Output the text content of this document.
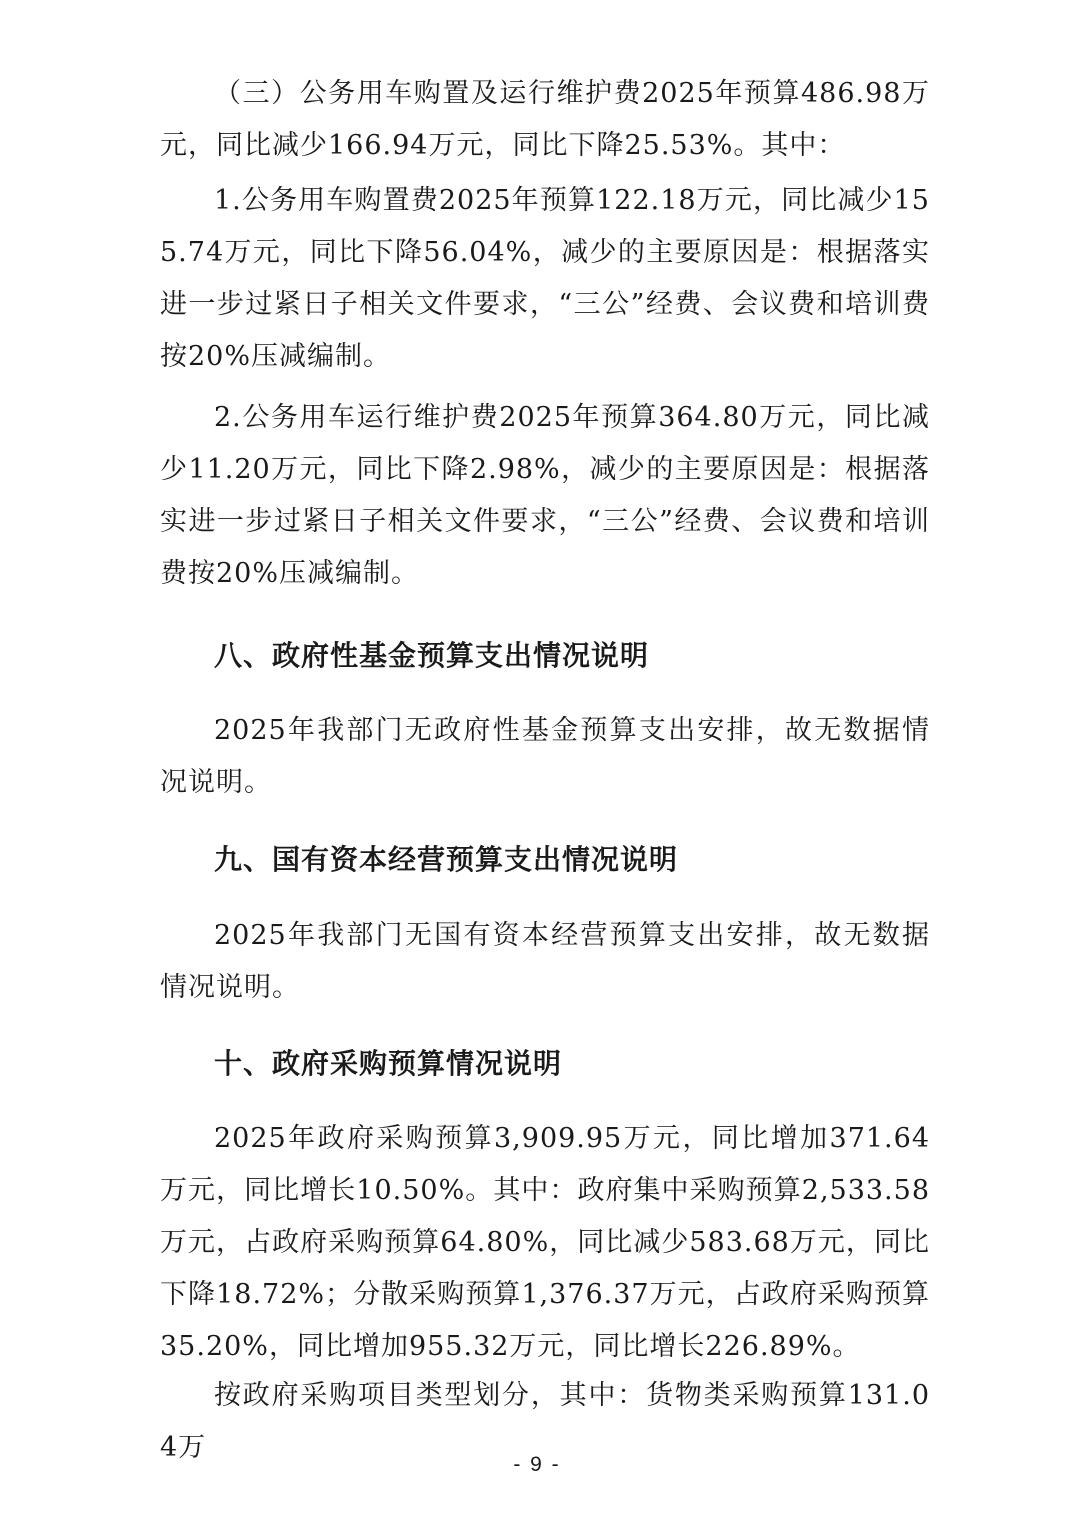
（三）公务用车购置及运行维护费2025年预算486.98万元，同比减少166.94万元，同比下降25.53%。其中：

1.公务用车购置费2025年预算122.18万元，同比减少155.74万元，同比下降56.04%，减少的主要原因是：根据落实进一步过紧日子相关文件要求，“三公”经费、会议费和培训费按20%压减编制。

2.公务用车运行维护费2025年预算364.80万元，同比减少11.20万元，同比下降2.98%，减少的主要原因是：根据落实进一步过紧日子相关文件要求，“三公”经费、会议费和培训费按20%压减编制。

八、政府性基金预算支出情况说明

2025年我部门无政府性基金预算支出安排，故无数据情况说明。

九、国有资本经营预算支出情况说明

2025年我部门无国有资本经营预算支出安排，故无数据情况说明。

十、政府采购预算情况说明

2025年政府采购预算3,909.95万元，同比增加371.64万元，同比增长10.50%。其中：政府集中采购预算2,533.58万元，占政府采购预算64.80%，同比减少583.68万元，同比下降18.72%；分散采购预算1,376.37万元，占政府采购预算35.20%，同比增加955.32万元，同比增长226.89%。

按政府采购项目类型划分，其中：货物类采购预算131.04万

- 9 -
